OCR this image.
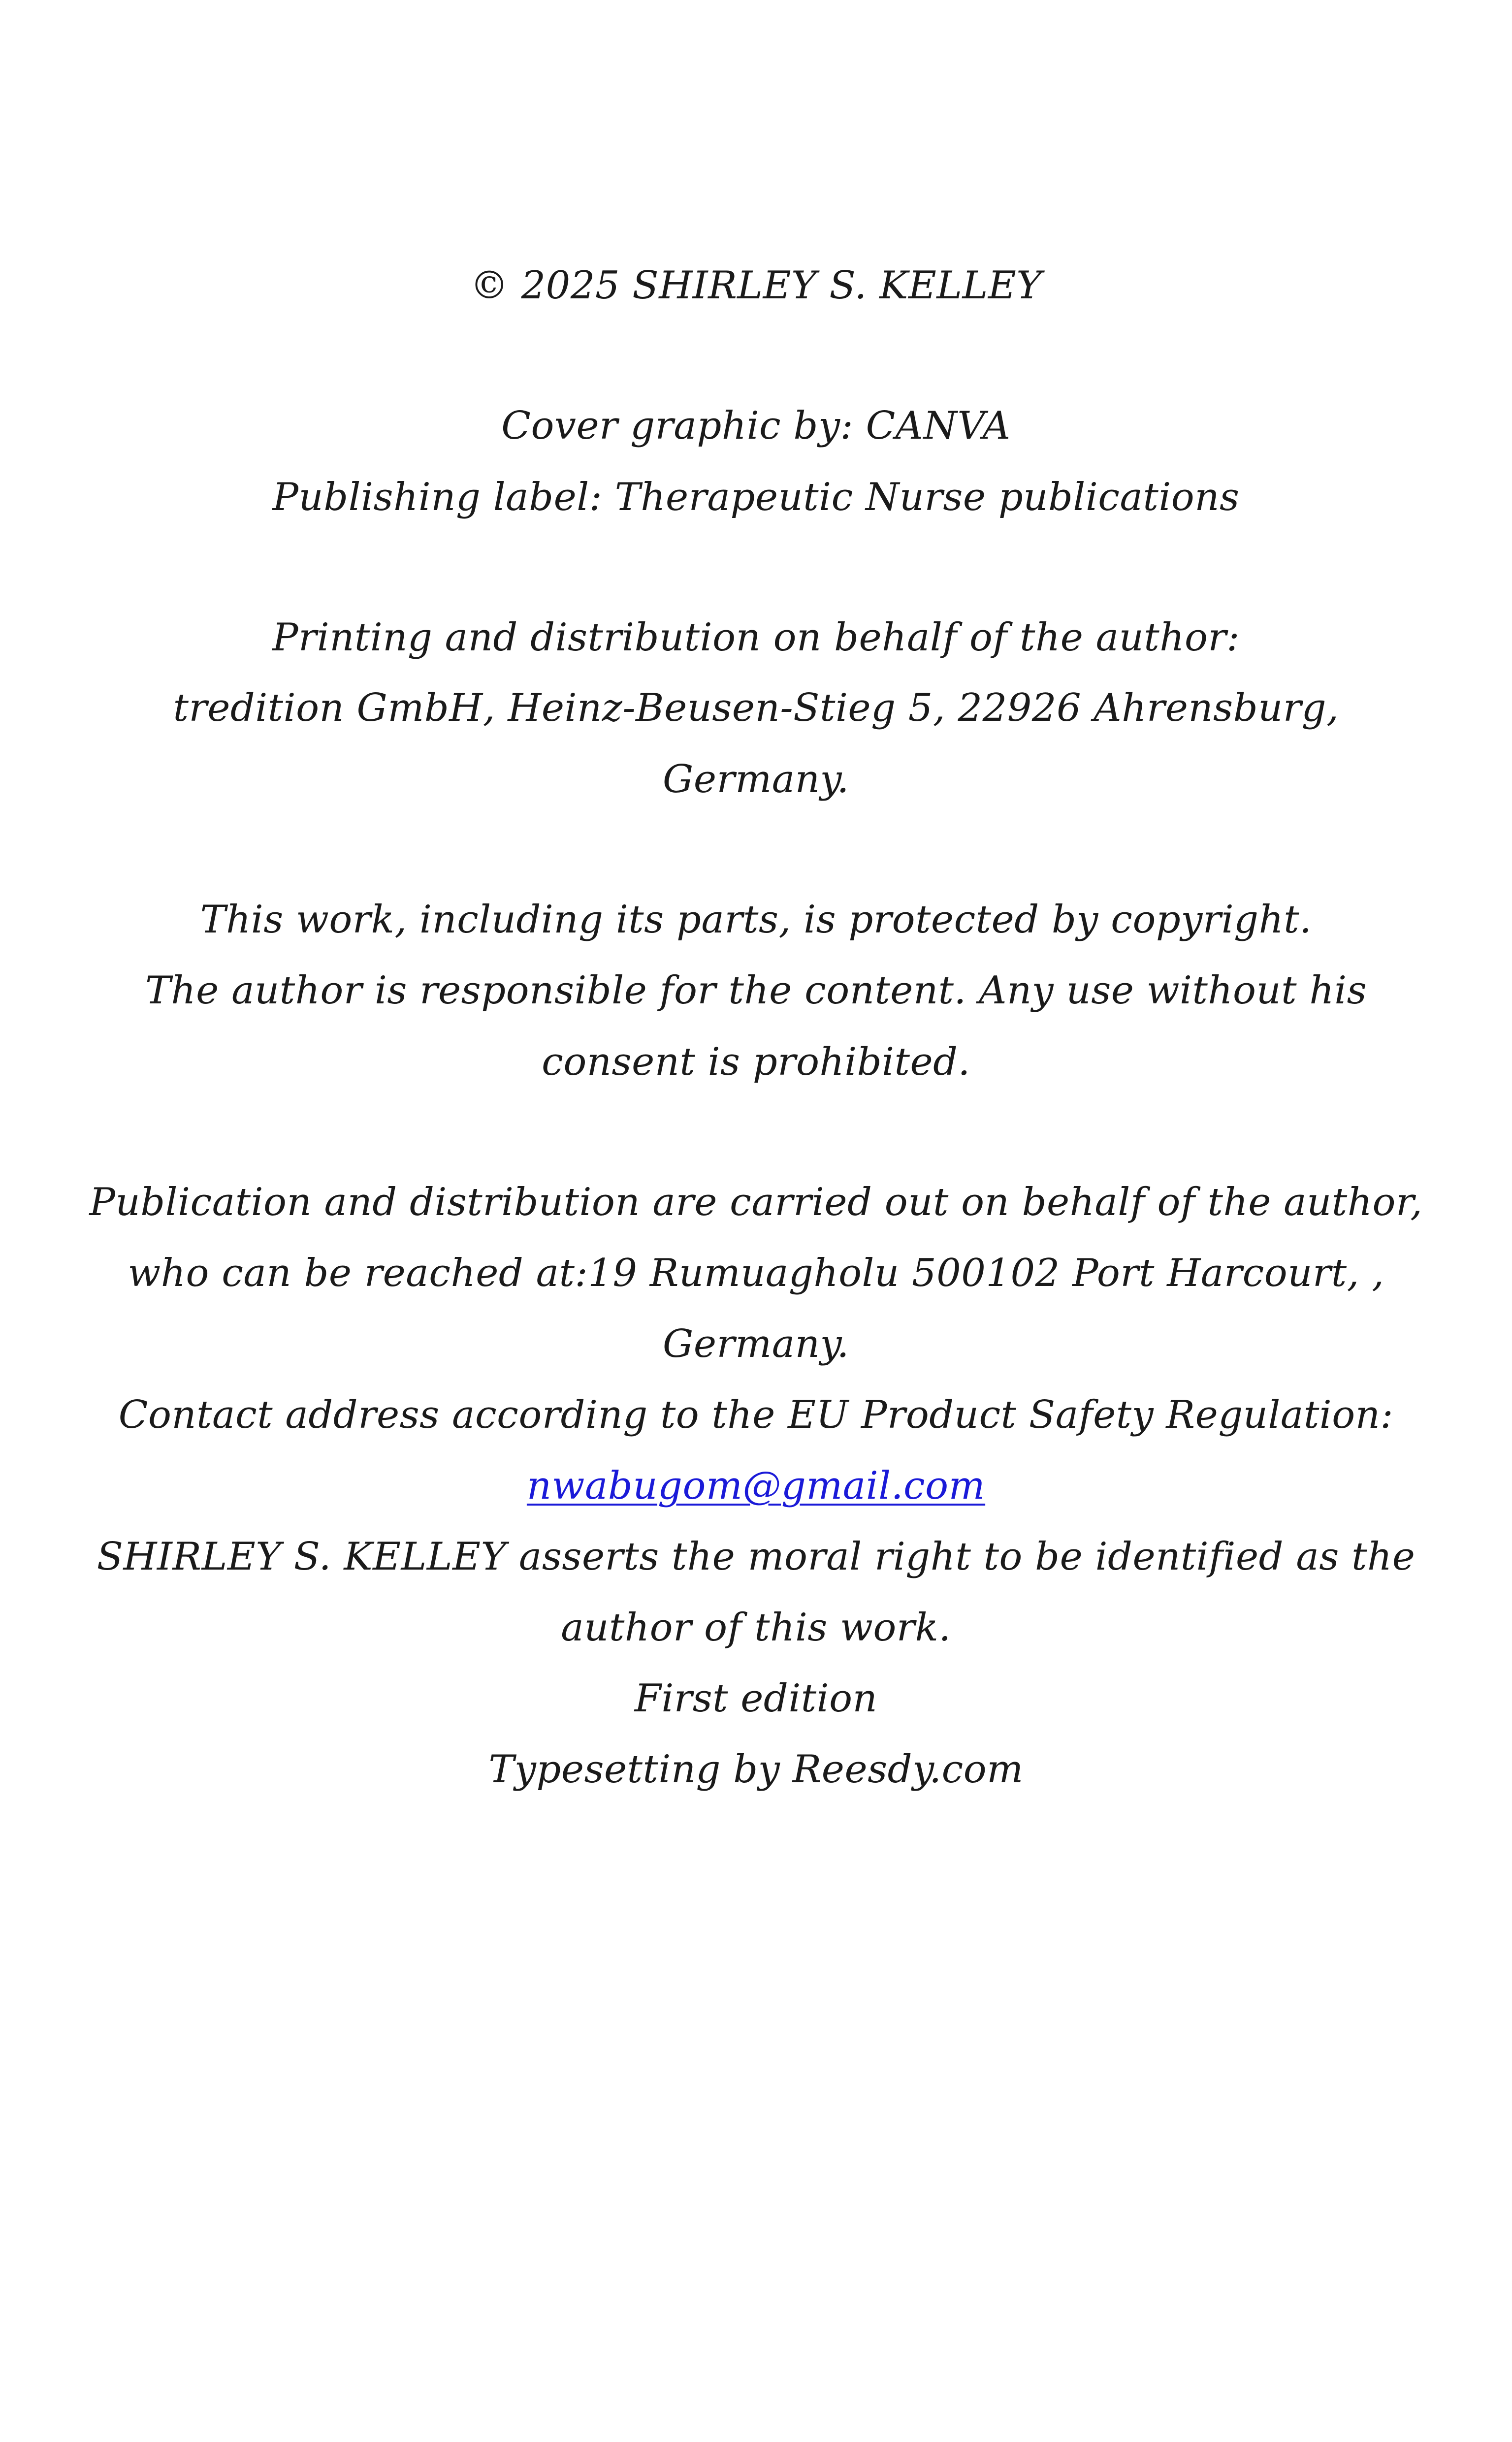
© 2025 SHIRLEY S. KELLEY
Cover graphic by: CANVA
Publishing label: Therapeutic Nurse publications
Printing and distribution on behalf of the author:
tredition GmbH, Heinz-Beusen-Stieg 5, 22926 Ahrensburg,
Germany.
This work, including its parts, is protected by copyright.
The author is responsible for the content. Any use without his
consent is prohibited.
Publication and distribution are carried out on behalf of the author,
who can be reached at:19 Rumuagholu 500102 Port Harcourt, ,
Germany.
Contact address according to the EU Product Safety Regulation:
nwabugom@gmail.com
SHIRLEY S. KELLEY asserts the moral right to be identified as the
author of this work.
First edition
Typesetting by Reesdy.com
